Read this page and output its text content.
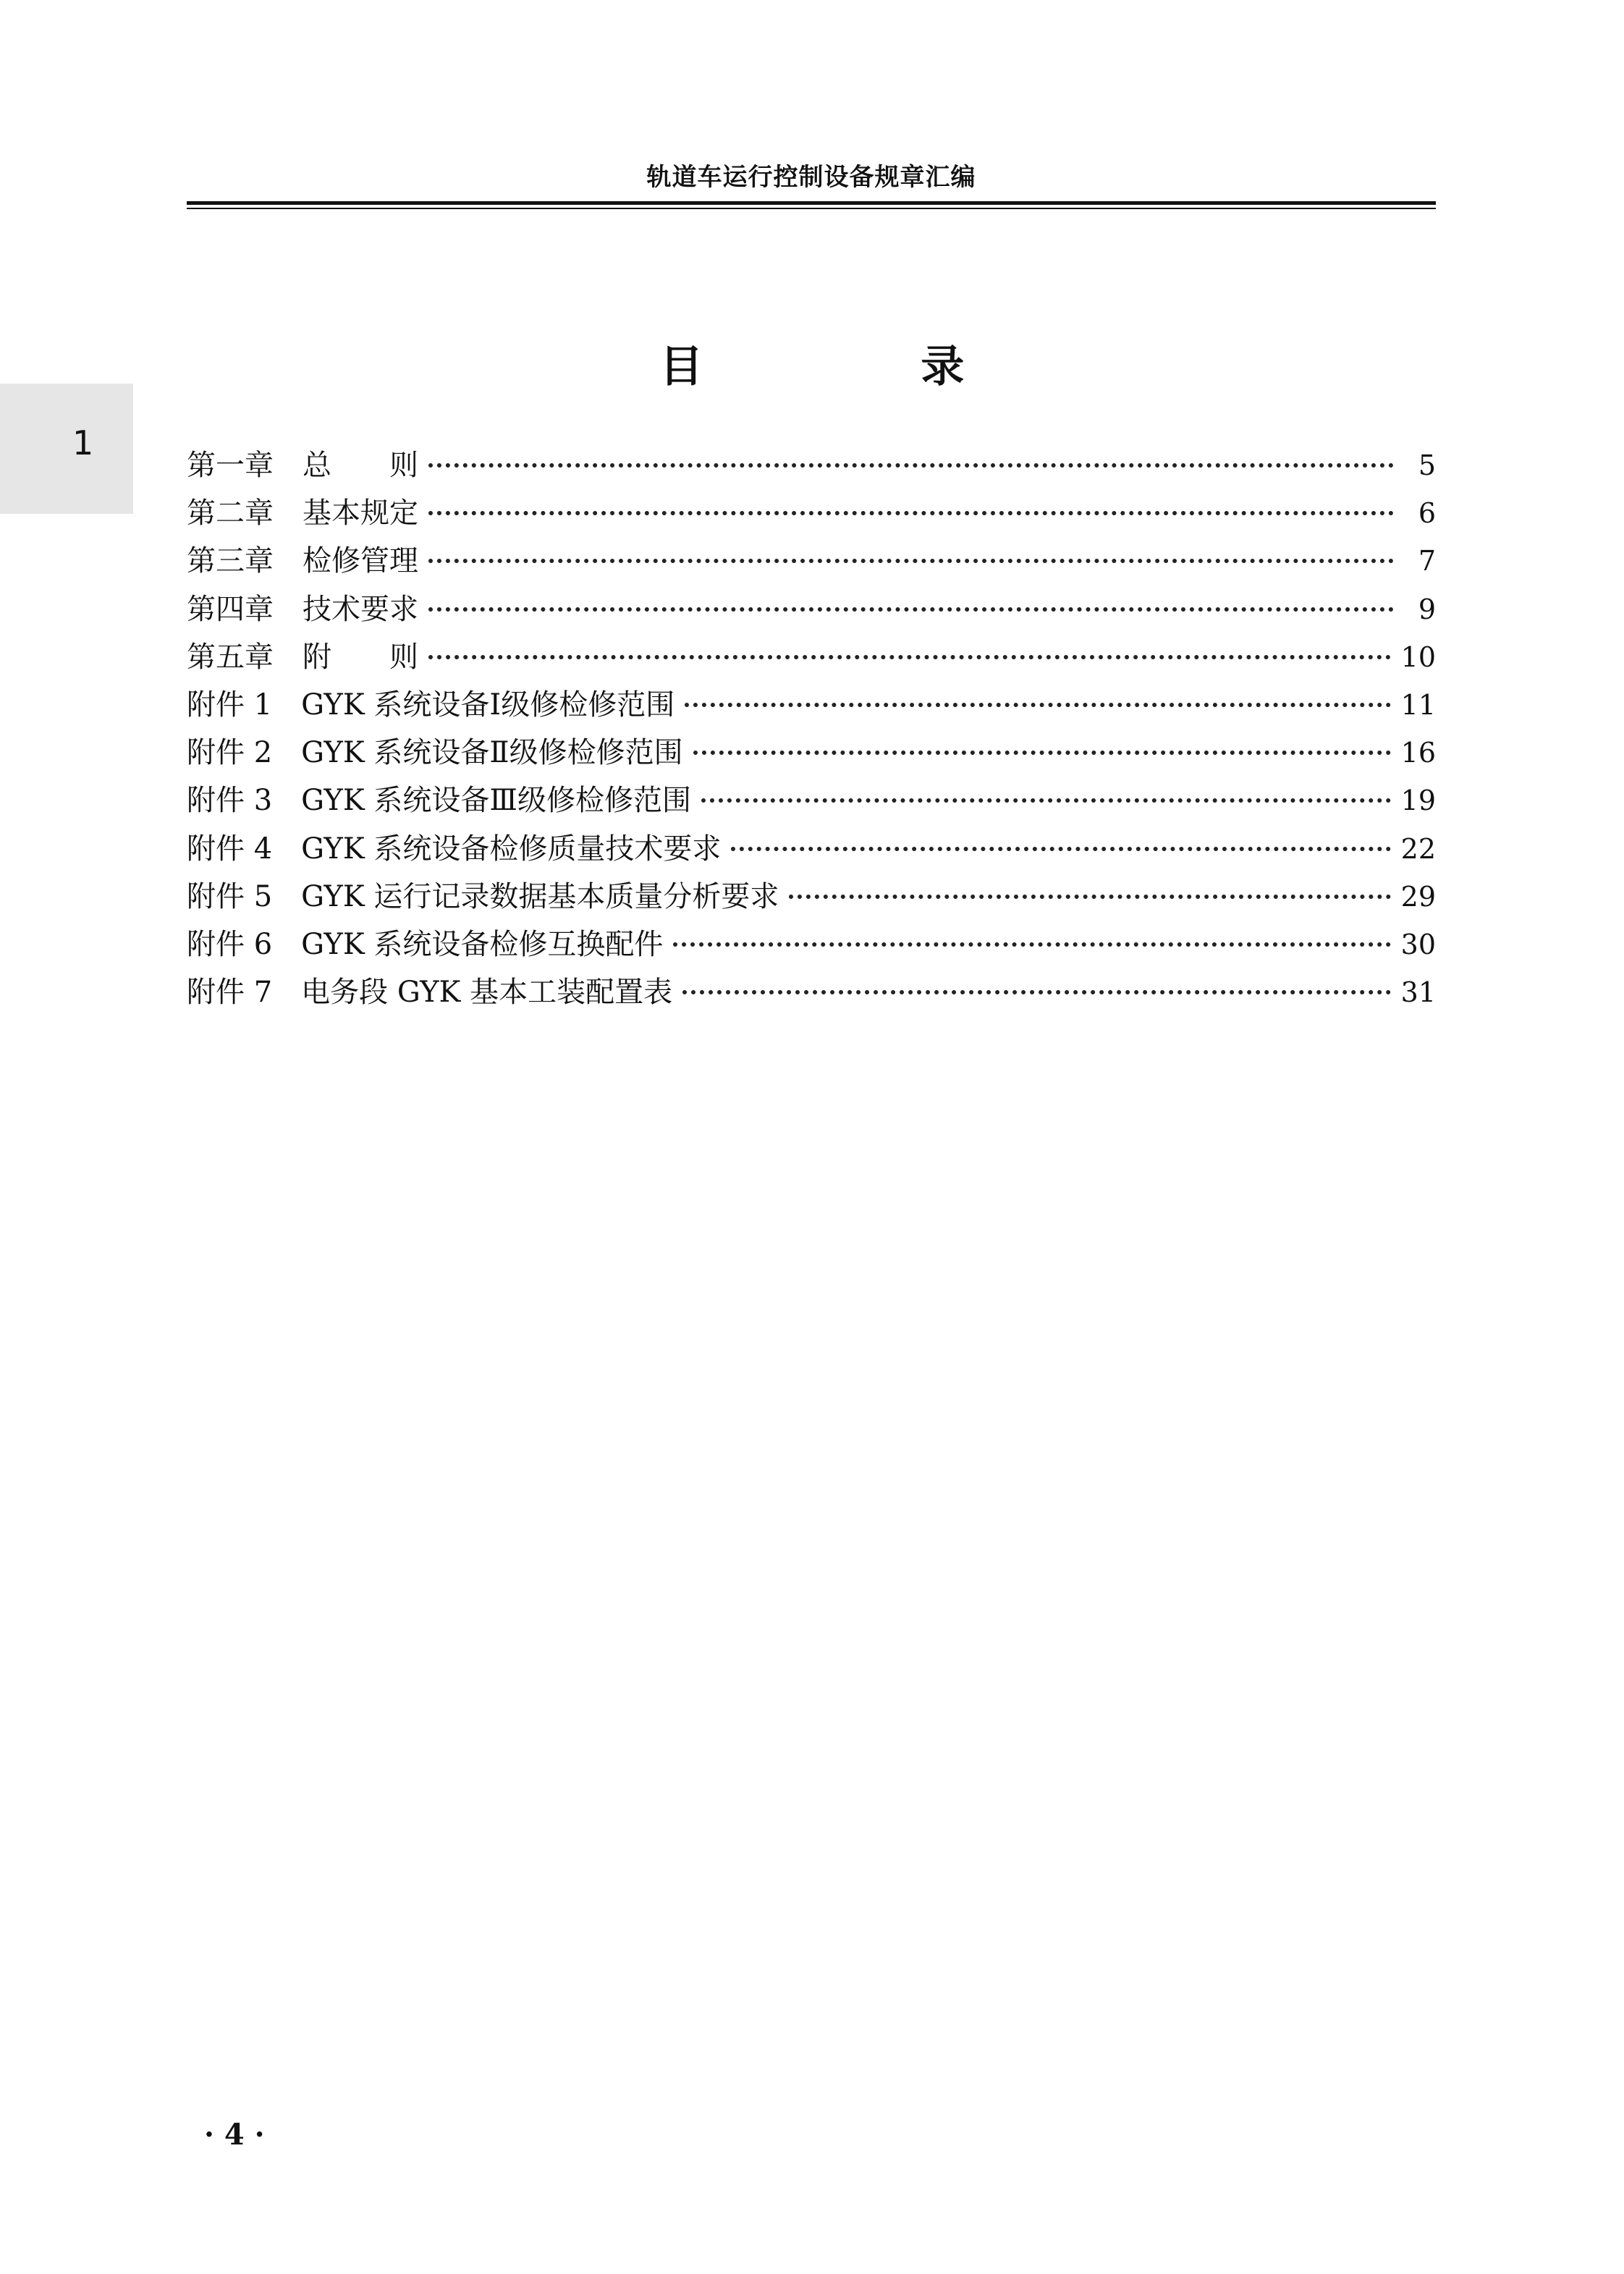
轨道车运行控制设备规章汇编
1
目 录
第一章　总　　则	5
第二章　基本规定	6
第三章　检修管理	7
第四章　技术要求	9
第五章　附　　则	10
附件 1　GYK 系统设备Ⅰ级修检修范围	11
附件 2　GYK 系统设备Ⅱ级修检修范围	16
附件 3　GYK 系统设备Ⅲ级修检修范围	19
附件 4　GYK 系统设备检修质量技术要求	22
附件 5　GYK 运行记录数据基本质量分析要求	29
附件 6　GYK 系统设备检修互换配件	30
附件 7　电务段 GYK 基本工装配置表	31
· 4 ·
